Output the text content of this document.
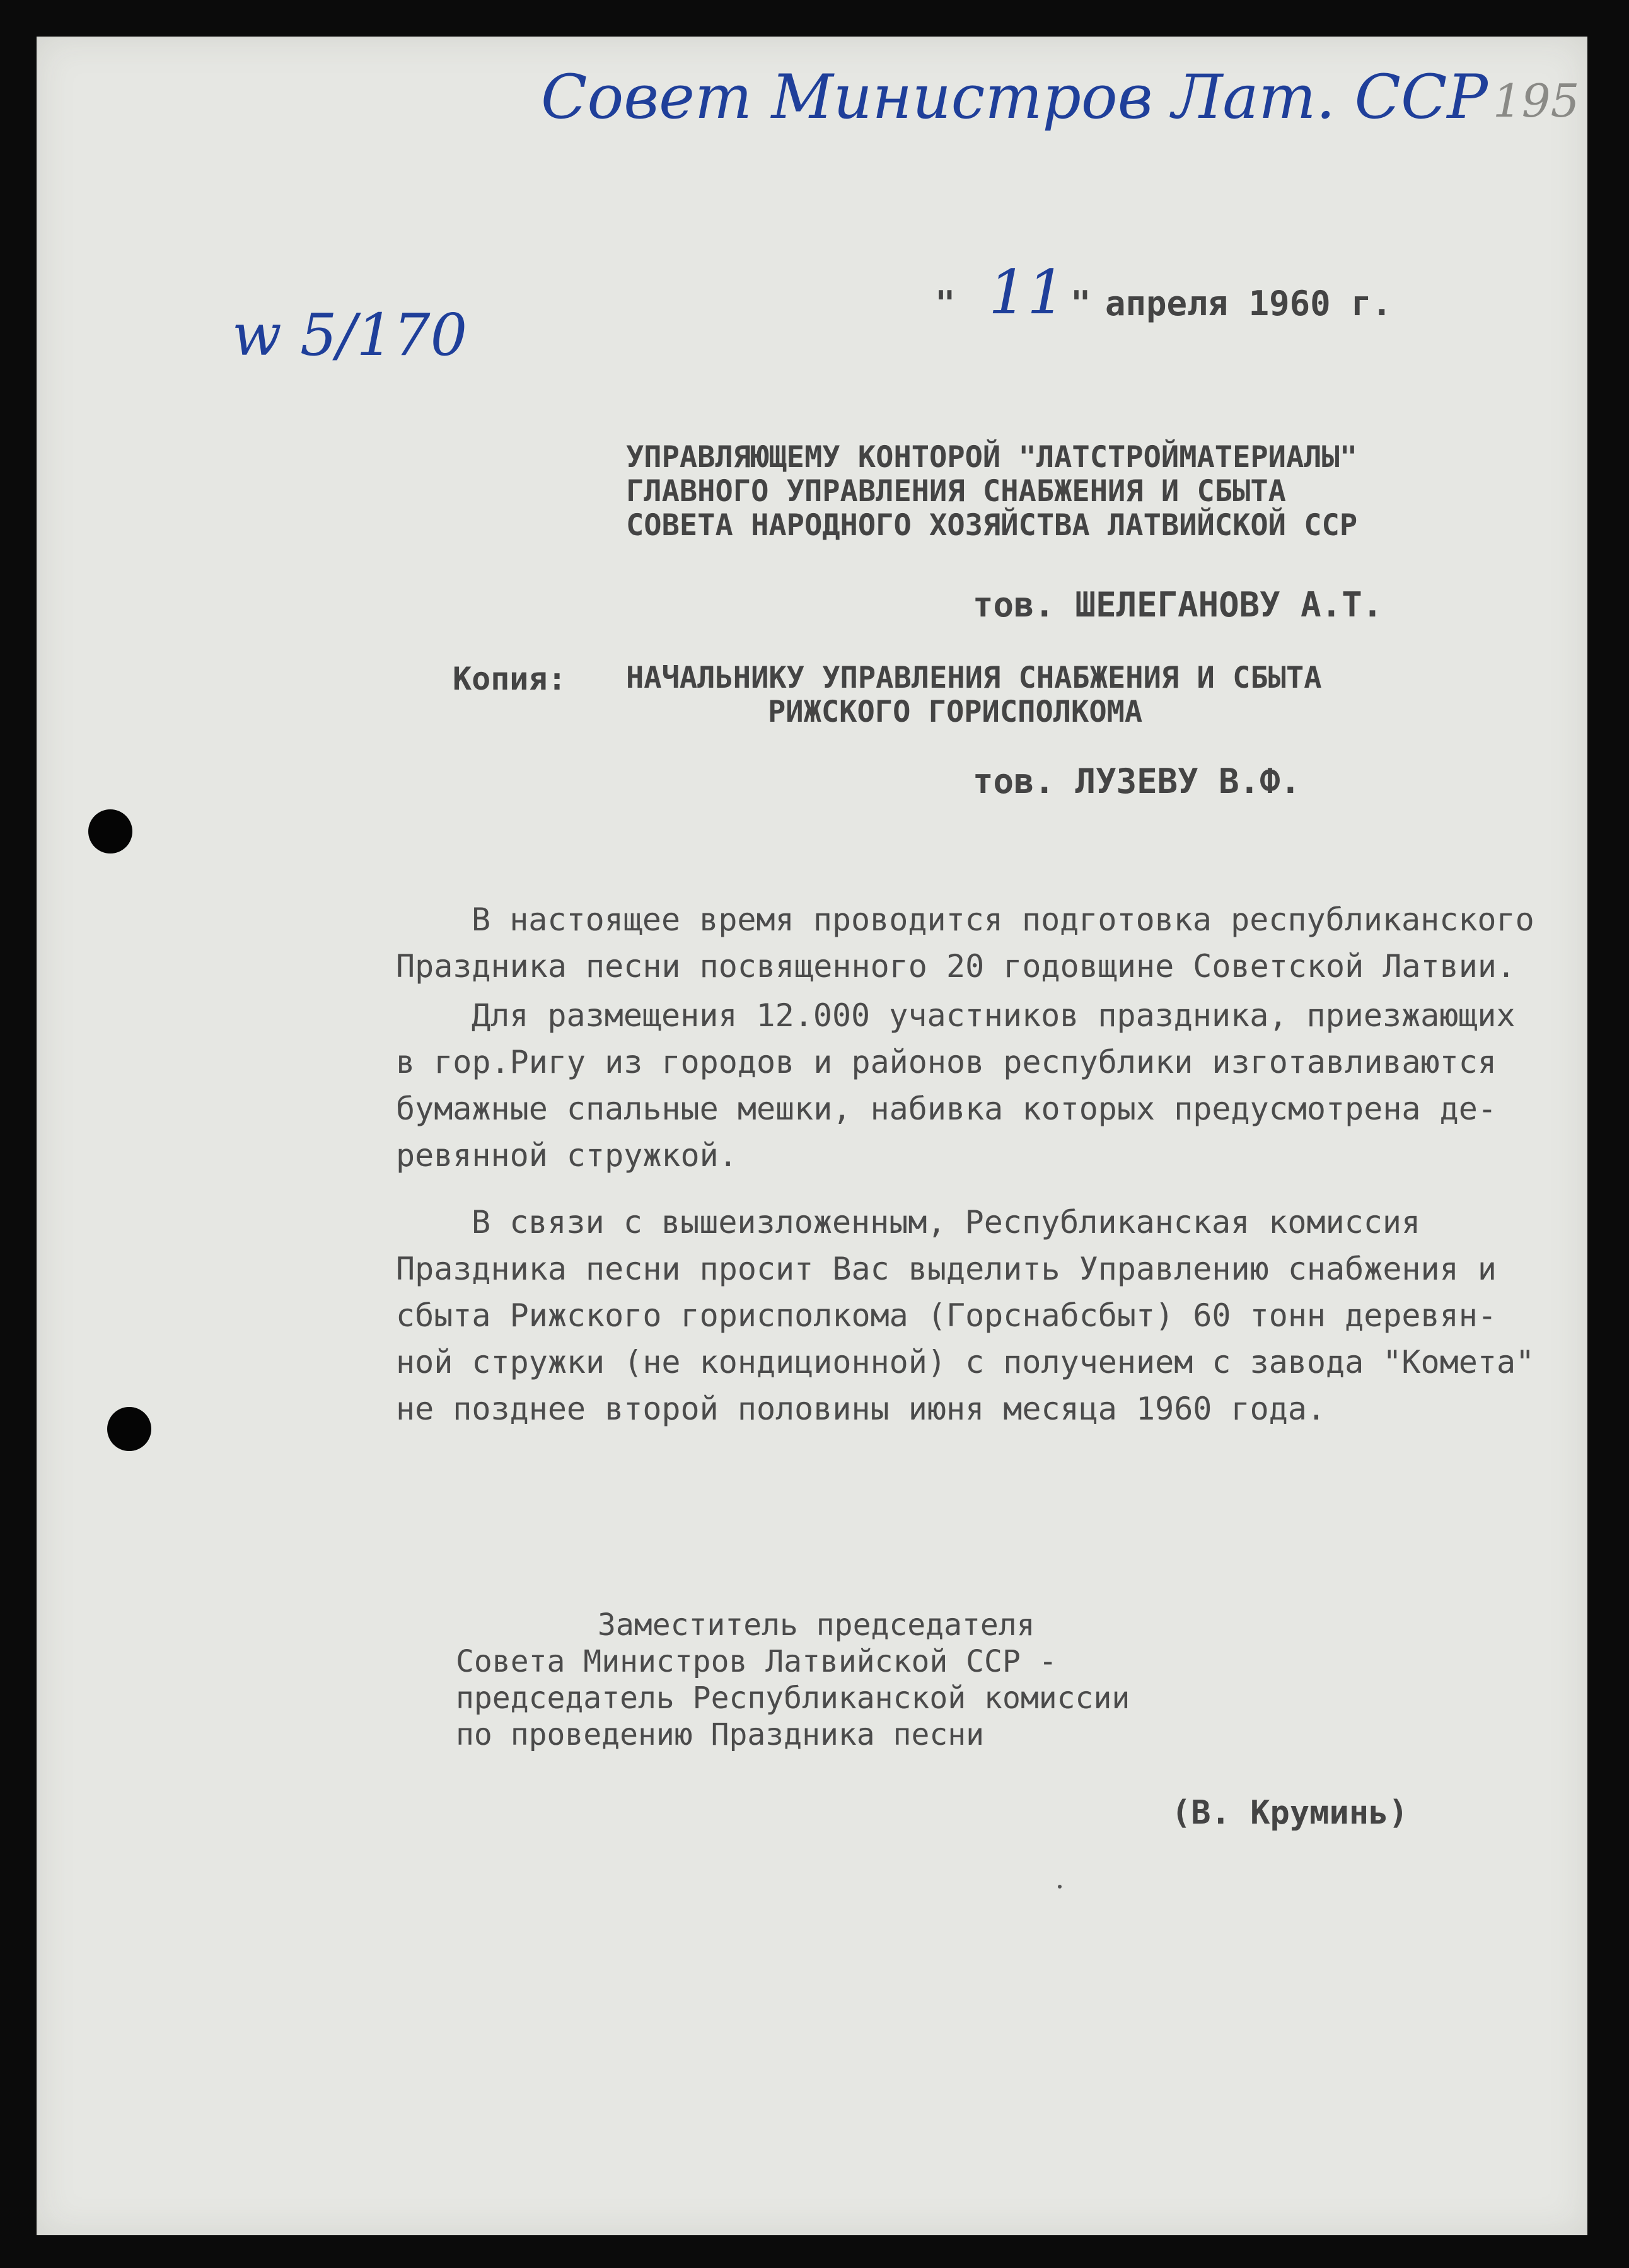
Совет Министров Лат. ССР 195
w 5/170	" 11 " апреля 1960 г.
УПРАВЛЯЮЩЕМУ КОНТОРОЙ "ЛАТСТРОЙМАТЕРИАЛЫ"
ГЛАВНОГО УПРАВЛЕНИЯ СНАБЖЕНИЯ И СБЫТА
СОВЕТА НАРОДНОГО ХОЗЯЙСТВА ЛАТВИЙСКОЙ ССР
тов. ШЕЛЕГАНОВУ А.Т.
Копия: НАЧАЛЬНИКУ УПРАВЛЕНИЯ СНАБЖЕНИЯ И СБЫТА
РИЖСКОГО ГОРИСПОЛКОМА
тов. ЛУЗЕВУ В.Ф.
В настоящее время проводится подготовка республиканского
Праздника песни посвященного 20 годовщине Советской Латвии.
Для размещения 12.000 участников праздника, приезжающих
в гор.Ригу из городов и районов республики изготавливаются
бумажные спальные мешки, набивка которых предусмотрена де-
ревянной стружкой.
В связи с вышеизложенным, Республиканская комиссия
Праздника песни просит Вас выделить Управлению снабжения и
сбыта Рижского горисполкома (Горснабсбыт) 60 тонн деревян-
ной стружки (не кондиционной) с получением с завода "Комета"
не позднее второй половины июня месяца 1960 года.
Заместитель председателя
Совета Министров Латвийской ССР -
председатель Республиканской комиссии
по проведению Праздника песни
(В. Круминь)
